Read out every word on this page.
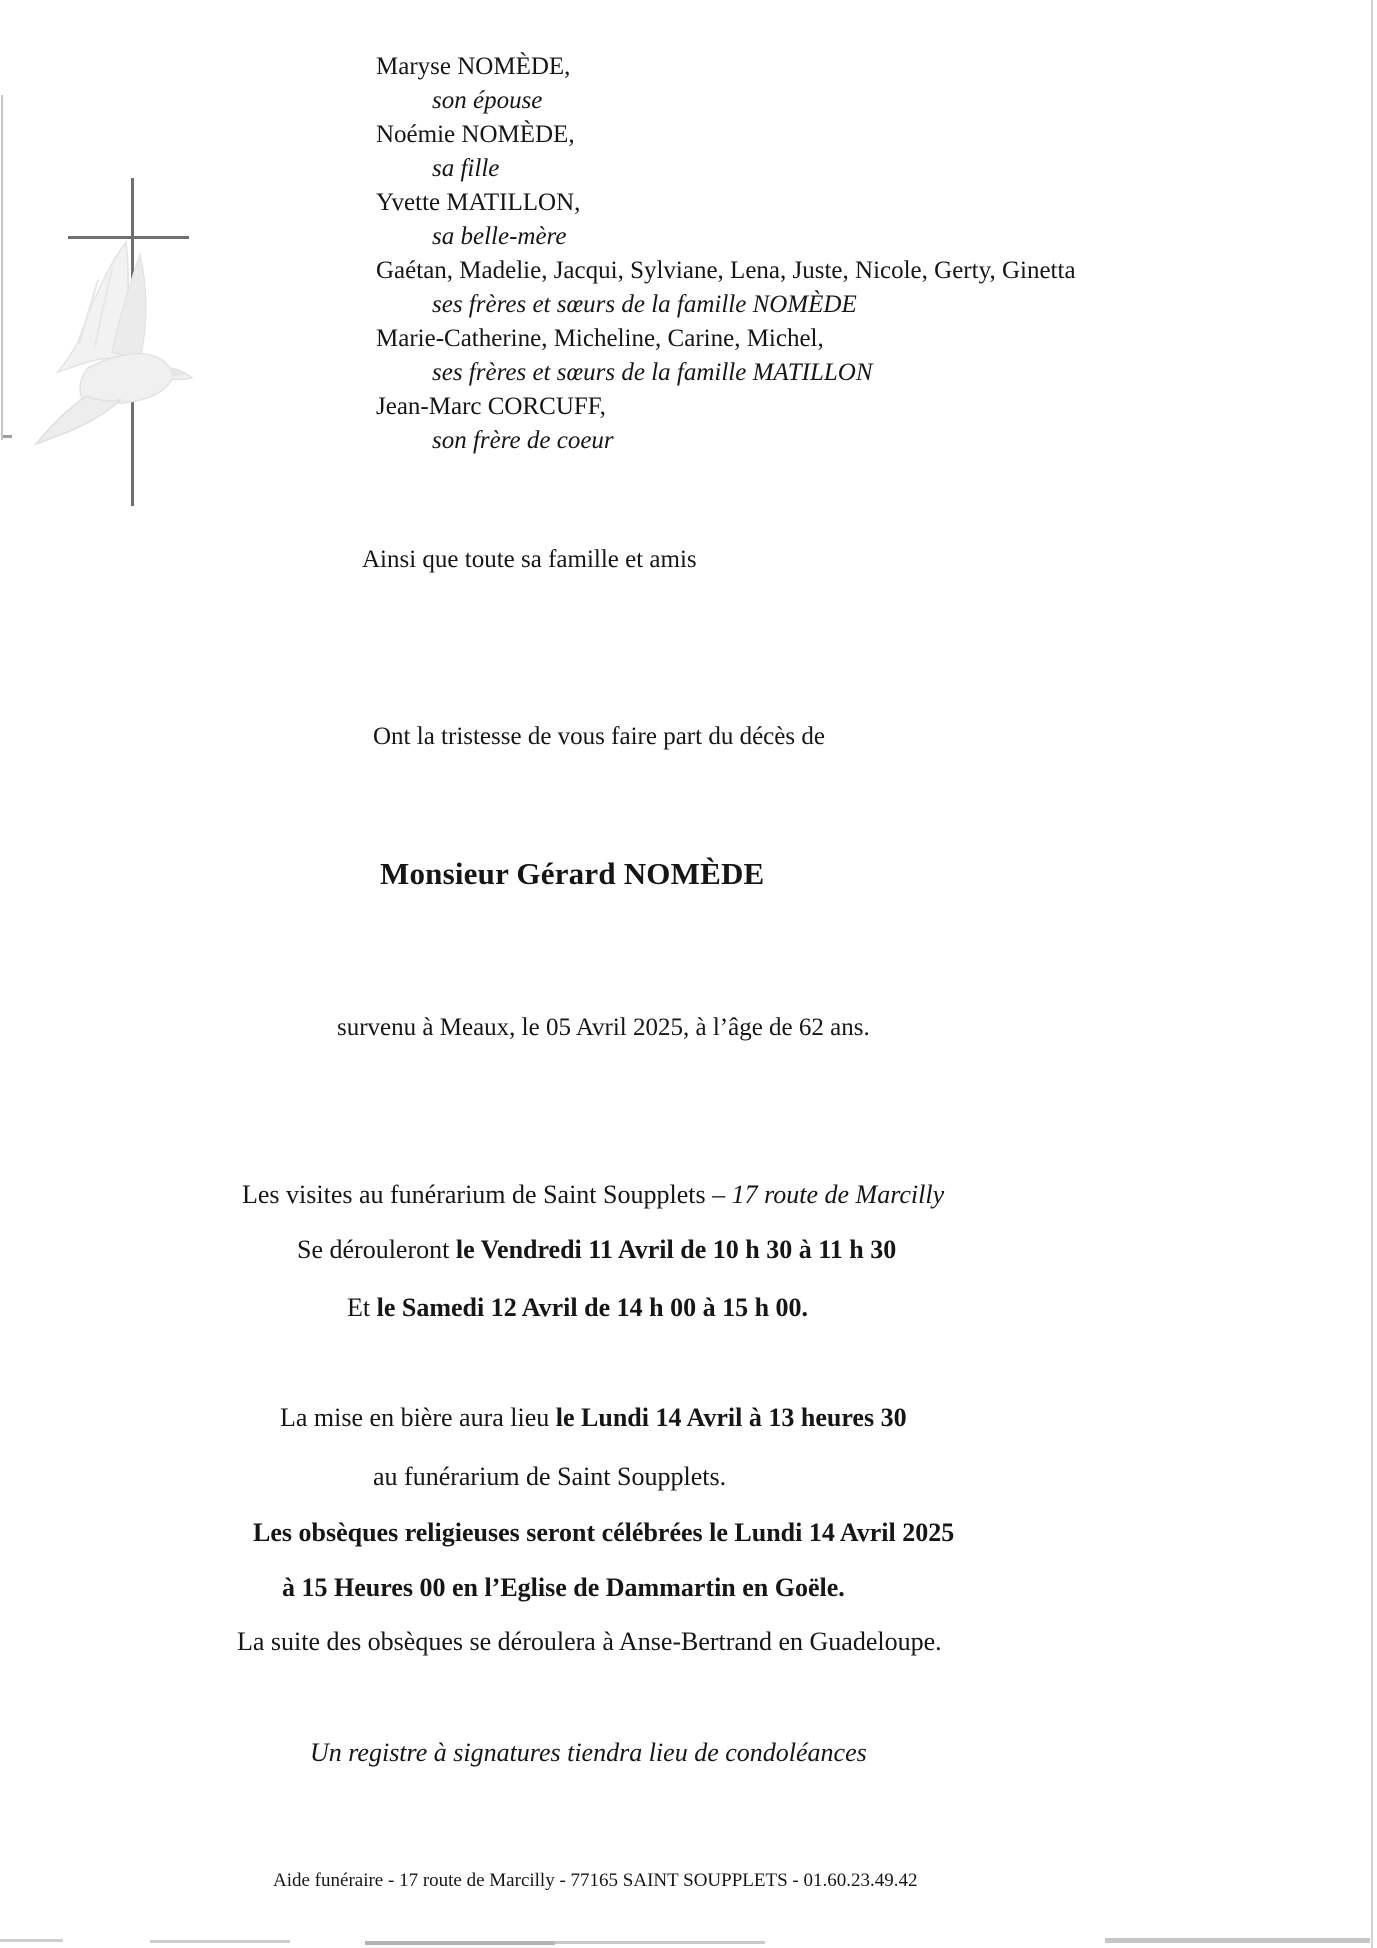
Maryse NOMÈDE,
son épouse
Noémie NOMÈDE,
sa fille
Yvette MATILLON,
sa belle-mère
Gaétan, Madelie, Jacqui, Sylviane, Lena, Juste, Nicole, Gerty, Ginetta
ses frères et sœurs de la famille NOMÈDE
Marie-Catherine, Micheline, Carine, Michel,
ses frères et sœurs de la famille MATILLON
Jean-Marc CORCUFF,
son frère de coeur
Ainsi que toute sa famille et amis
Ont la tristesse de vous faire part du décès de
Monsieur Gérard NOMÈDE
survenu à Meaux, le 05 Avril 2025, à l’âge de 62 ans.
Les visites au funérarium de Saint Soupplets – 17 route de Marcilly
Se dérouleront le Vendredi 11 Avril de 10 h 30 à 11 h 30
Et le Samedi 12 Avril de 14 h 00 à 15 h 00.
La mise en bière aura lieu le Lundi 14 Avril à 13 heures 30
au funérarium de Saint Soupplets.
Les obsèques religieuses seront célébrées le Lundi 14 Avril 2025
à 15 Heures 00 en l’Eglise de Dammartin en Goële.
La suite des obsèques se déroulera à Anse-Bertrand en Guadeloupe.
Un registre à signatures tiendra lieu de condoléances
Aide funéraire - 17 route de Marcilly - 77165 SAINT SOUPPLETS - 01.60.23.49.42
